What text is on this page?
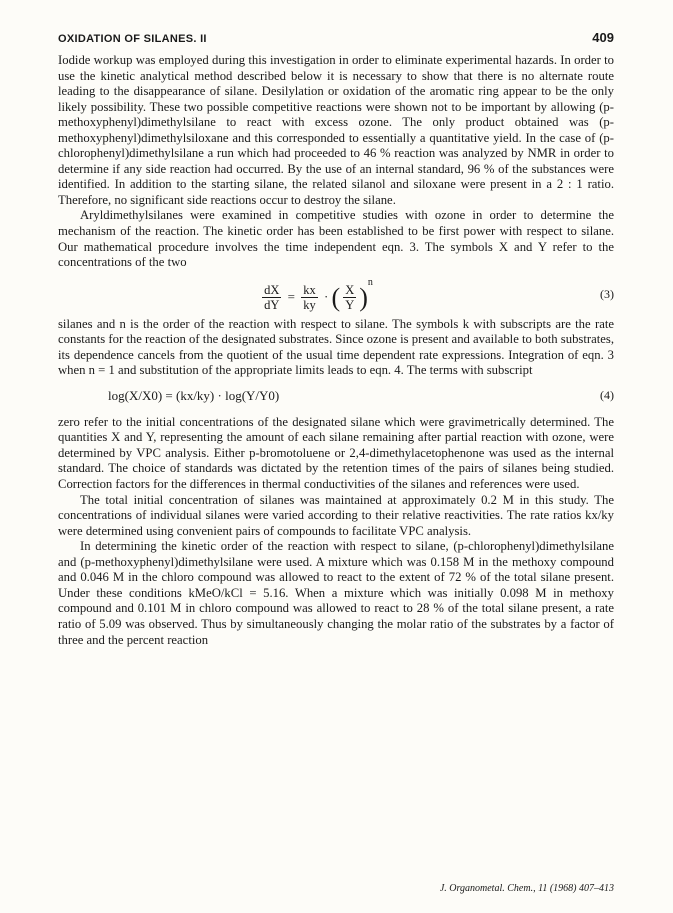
OXIDATION OF SILANES. II	409

Iodide workup was employed during this investigation in order to eliminate experimental hazards. In order to use the kinetic analytical method described below it is necessary to show that there is no alternate route leading to the disappearance of silane. Desilylation or oxidation of the aromatic ring appear to be the only likely possibility. These two possible competitive reactions were shown not to be important by allowing (p-methoxyphenyl)dimethylsilane to react with excess ozone. The only product obtained was (p-methoxyphenyl)dimethylsiloxane and this corresponded to essentially a quantitative yield. In the case of (p-chlorophenyl)dimethylsilane a run which had proceeded to 46 % reaction was analyzed by NMR in order to determine if any side reaction had occurred. By the use of an internal standard, 96 % of the substances were identified. In addition to the starting silane, the related silanol and siloxane were present in a 2 : 1 ratio. Therefore, no significant side reactions occur to destroy the silane.

Aryldimethylsilanes were examined in competitive studies with ozone in order to determine the mechanism of the reaction. The kinetic order has been established to be first power with respect to silane. Our mathematical procedure involves the time independent eqn. 3. The symbols X and Y refer to the concentrations of the two

$\frac{dX}{dY} = \frac{kx}{ky}$ · ( $\frac{X}{Y} )^n$
(3)

silanes and n is the order of the reaction with respect to silane. The symbols k with subscripts are the rate constants for the reaction of the designated substrates. Since ozone is present and available to both substrates, its dependence cancels from the quotient of the usual time dependent rate expressions. Integration of eqn. 3 when n = 1 and substitution of the appropriate limits leads to eqn. 4. The terms with subscript

log(X/X0) = (kx/ky) · log(Y/Y0)	(4)

zero refer to the initial concentrations of the designated silane which were gravimetrically determined. The quantities X and Y, representing the amount of each silane remaining after partial reaction with ozone, were determined by VPC analysis. Either p-bromotoluene or 2,4-dimethylacetophenone was used as the internal standard. The choice of standards was dictated by the retention times of the pairs of silanes being studied. Correction factors for the differences in thermal conductivities of the silanes and references were used.

The total initial concentration of silanes was maintained at approximately 0.2 M in this study. The concentrations of individual silanes were varied according to their relative reactivities. The rate ratios kx/ky were determined using convenient pairs of compounds to facilitate VPC analysis.

In determining the kinetic order of the reaction with respect to silane, (p-chlorophenyl)dimethylsilane and (p-methoxyphenyl)dimethylsilane were used. A mixture which was 0.158 M in the methoxy compound and 0.046 M in the chloro compound was allowed to react to the extent of 72 % of the total silane present. Under these conditions kMeO/kCl = 5.16. When a mixture which was initially 0.098 M in methoxy compound and 0.101 M in chloro compound was allowed to react to 28 % of the total silane present, a rate ratio of 5.09 was observed. Thus by simultaneously changing the molar ratio of the substrates by a factor of three and the percent reaction

J. Organometal. Chem., 11 (1968) 407–413
